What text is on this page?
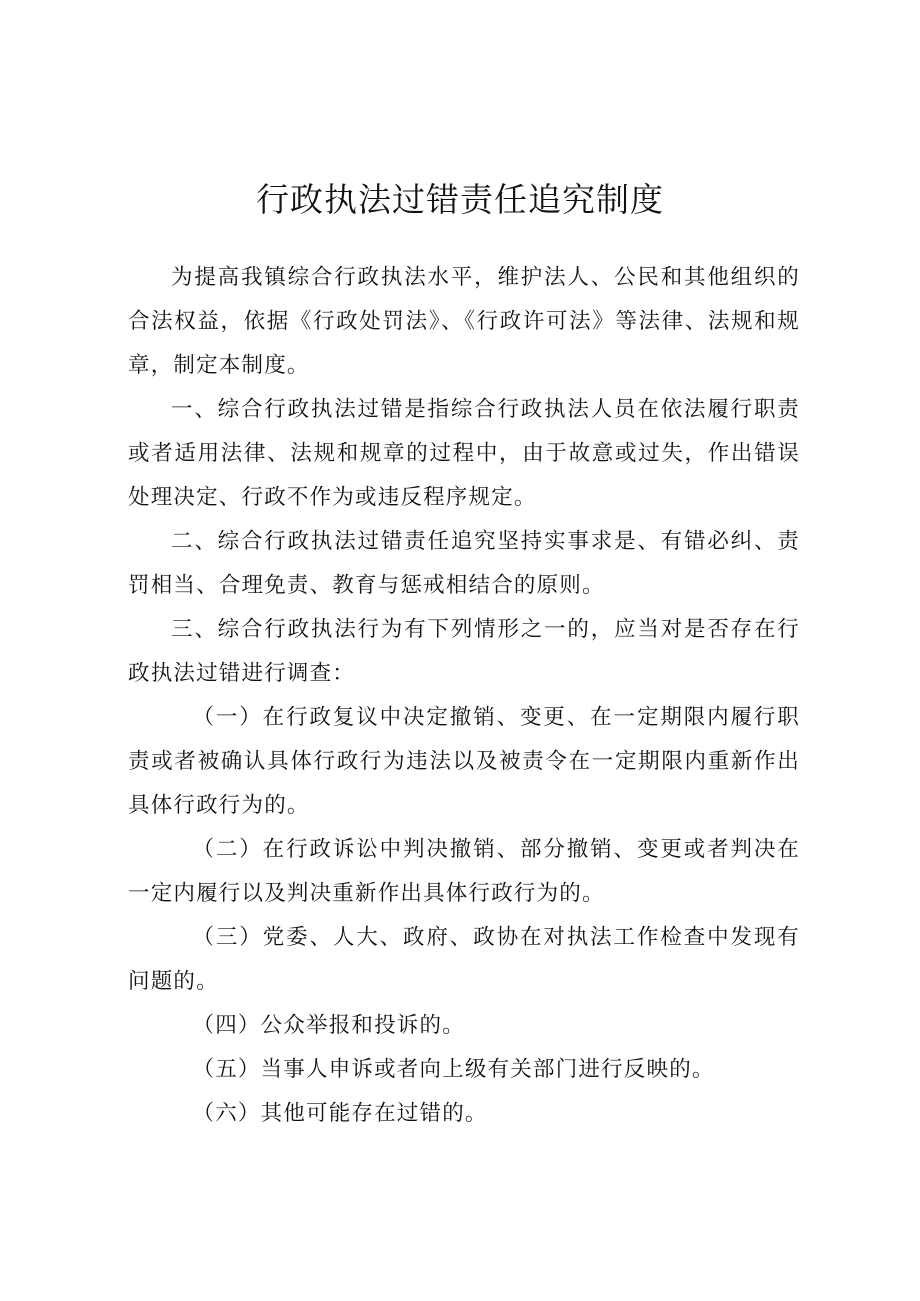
行政执法过错责任追究制度

为提高我镇综合行政执法水平，维护法人、公民和其他组织的合法权益，依据《行政处罚法》、《行政许可法》等法律、法规和规章，制定本制度。

一、综合行政执法过错是指综合行政执法人员在依法履行职责或者适用法律、法规和规章的过程中，由于故意或过失，作出错误处理决定、行政不作为或违反程序规定。

二、综合行政执法过错责任追究坚持实事求是、有错必纠、责罚相当、合理免责、教育与惩戒相结合的原则。

三、综合行政执法行为有下列情形之一的，应当对是否存在行政执法过错进行调查：

（一）在行政复议中决定撤销、变更、在一定期限内履行职责或者被确认具体行政行为违法以及被责令在一定期限内重新作出具体行政行为的。

（二）在行政诉讼中判决撤销、部分撤销、变更或者判决在一定内履行以及判决重新作出具体行政行为的。

（三）党委、人大、政府、政协在对执法工作检查中发现有问题的。

（四）公众举报和投诉的。

（五）当事人申诉或者向上级有关部门进行反映的。

（六）其他可能存在过错的。
